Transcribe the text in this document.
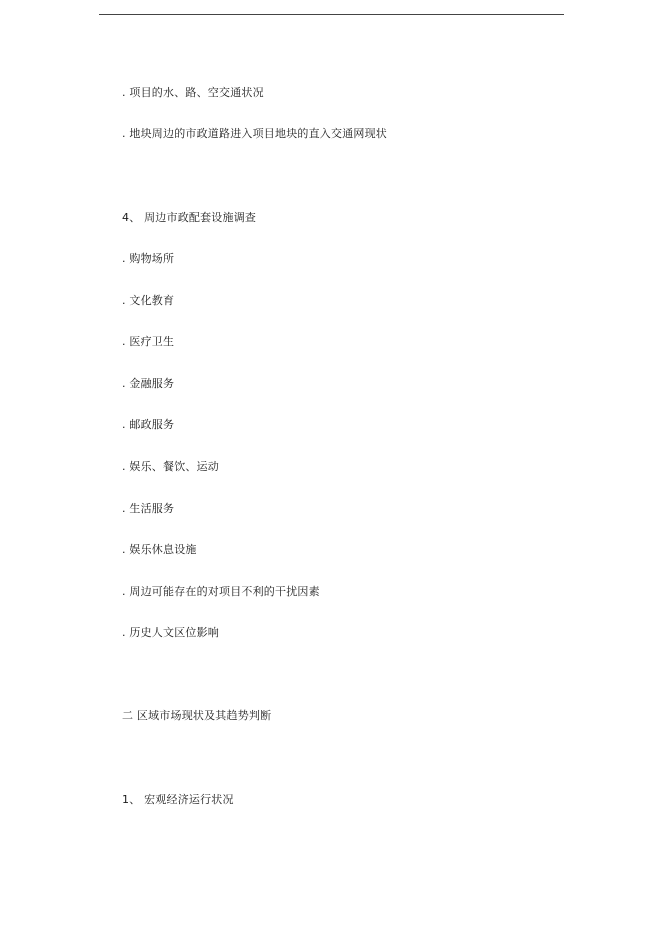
. 项目的水、路、空交通状况
. 地块周边的市政道路进入项目地块的直入交通网现状
4、 周边市政配套设施调查
. 购物场所
. 文化教育
. 医疗卫生
. 金融服务
. 邮政服务
. 娱乐、餐饮、运动
. 生活服务
. 娱乐休息设施
. 周边可能存在的对项目不利的干扰因素
. 历史人文区位影响
二 区域市场现状及其趋势判断
1、 宏观经济运行状况
